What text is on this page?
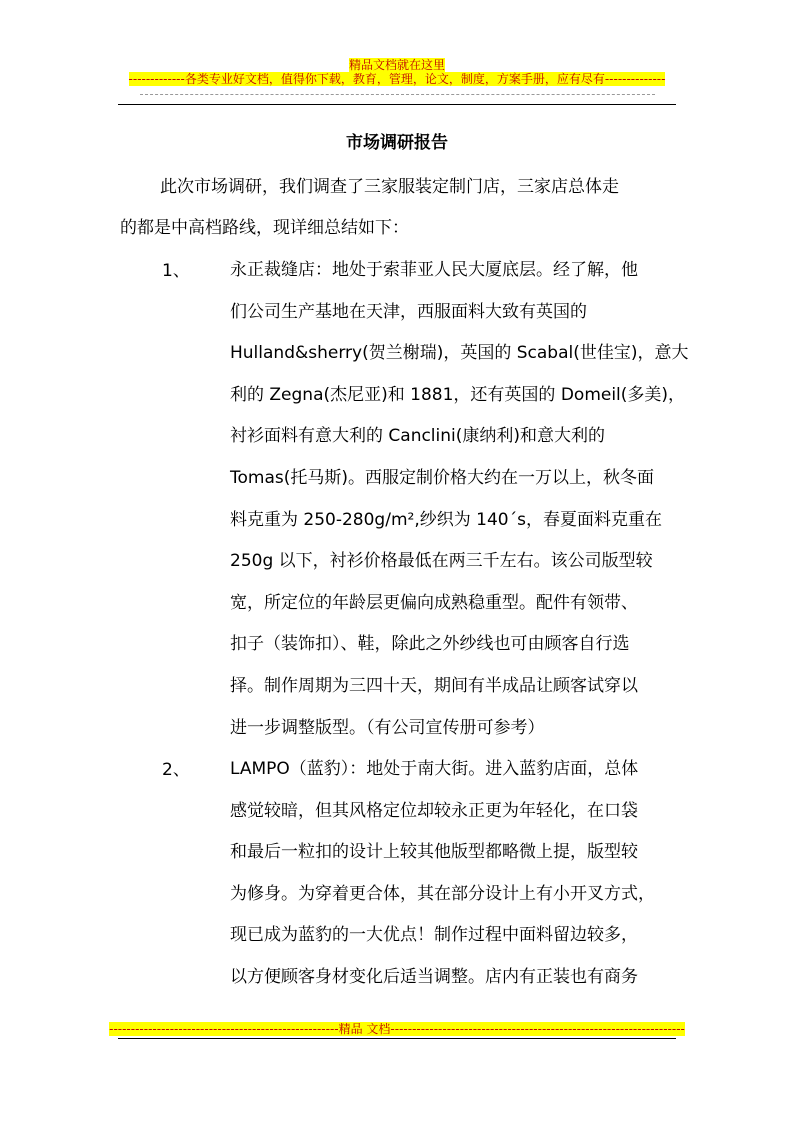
精品文档就在这里
-------------各类专业好文档，值得你下载，教育，管理，论文，制度，方案手册，应有尽有--------------
市场调研报告
此次市场调研，我们调查了三家服装定制门店，三家店总体走
的都是中高档路线，现详细总结如下：
1、 永正裁缝店：地处于索菲亚人民大厦底层。经了解，他
们公司生产基地在天津，西服面料大致有英国的
Hulland&sherry(贺兰榭瑞)，英国的 Scabal(世佳宝)，意大
利的 Zegna(杰尼亚)和 1881，还有英国的 Domeil(多美)，
衬衫面料有意大利的 Canclini(康纳利)和意大利的
Tomas(托马斯)。西服定制价格大约在一万以上，秋冬面
料克重为 250-280g/m²,纱织为 140´s，春夏面料克重在
250g 以下，衬衫价格最低在两三千左右。该公司版型较
宽，所定位的年龄层更偏向成熟稳重型。配件有领带、
扣子（装饰扣）、鞋，除此之外纱线也可由顾客自行选
择。制作周期为三四十天，期间有半成品让顾客试穿以
进一步调整版型。（有公司宣传册可参考）
2、 LAMPO（蓝豹）：地处于南大街。进入蓝豹店面，总体
感觉较暗，但其风格定位却较永正更为年轻化，在口袋
和最后一粒扣的设计上较其他版型都略微上提，版型较
为修身。为穿着更合体，其在部分设计上有小开叉方式，
现已成为蓝豹的一大优点！制作过程中面料留边较多，
以方便顾客身材变化后适当调整。店内有正装也有商务
-----------------------------------------------------精品 文档--------------------------------------------------------------------
